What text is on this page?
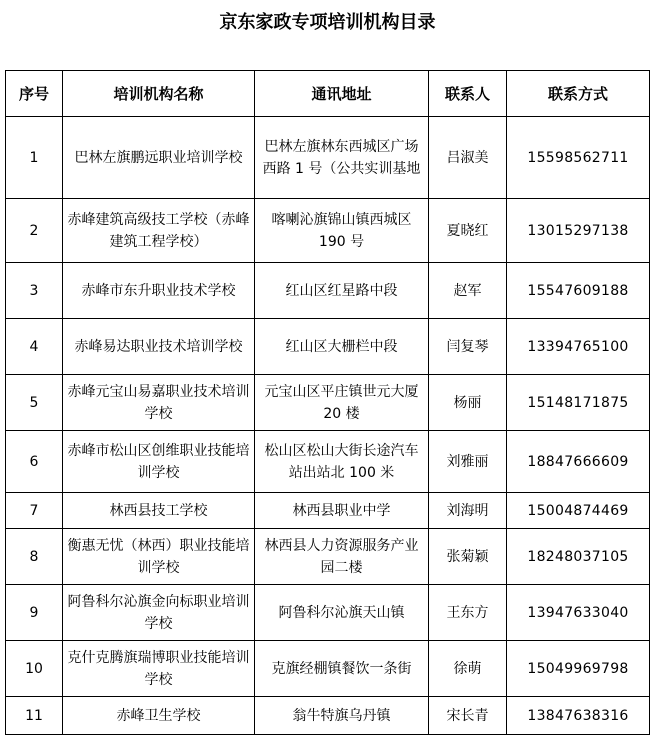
京东家政专项培训机构目录
序号	培训机构名称	通讯地址	联系人	联系方式
1	巴林左旗鹏远职业培训学校	巴林左旗林东西城区广场西路 1 号（公共实训基地	吕淑美	15598562711
2	赤峰建筑高级技工学校（赤峰建筑工程学校）	喀喇沁旗锦山镇西城区190 号	夏晓红	13015297138
3	赤峰市东升职业技术学校	红山区红星路中段	赵军	15547609188
4	赤峰易达职业技术培训学校	红山区大栅栏中段	闫复琴	13394765100
5	赤峰元宝山易嘉职业技术培训学校	元宝山区平庄镇世元大厦 20 楼	杨丽	15148171875
6	赤峰市松山区创维职业技能培训学校	松山区松山大街长途汽车站出站北 100 米	刘雅丽	18847666609
7	林西县技工学校	林西县职业中学	刘海明	15004874469
8	衡惠无忧（林西）职业技能培训学校	林西县人力资源服务产业园二楼	张菊颖	18248037105
9	阿鲁科尔沁旗金向标职业培训学校	阿鲁科尔沁旗天山镇	王东方	13947633040
10	克什克腾旗瑞博职业技能培训学校	克旗经棚镇餐饮一条街	徐萌	15049969798
11	赤峰卫生学校	翁牛特旗乌丹镇	宋长青	13847638316
